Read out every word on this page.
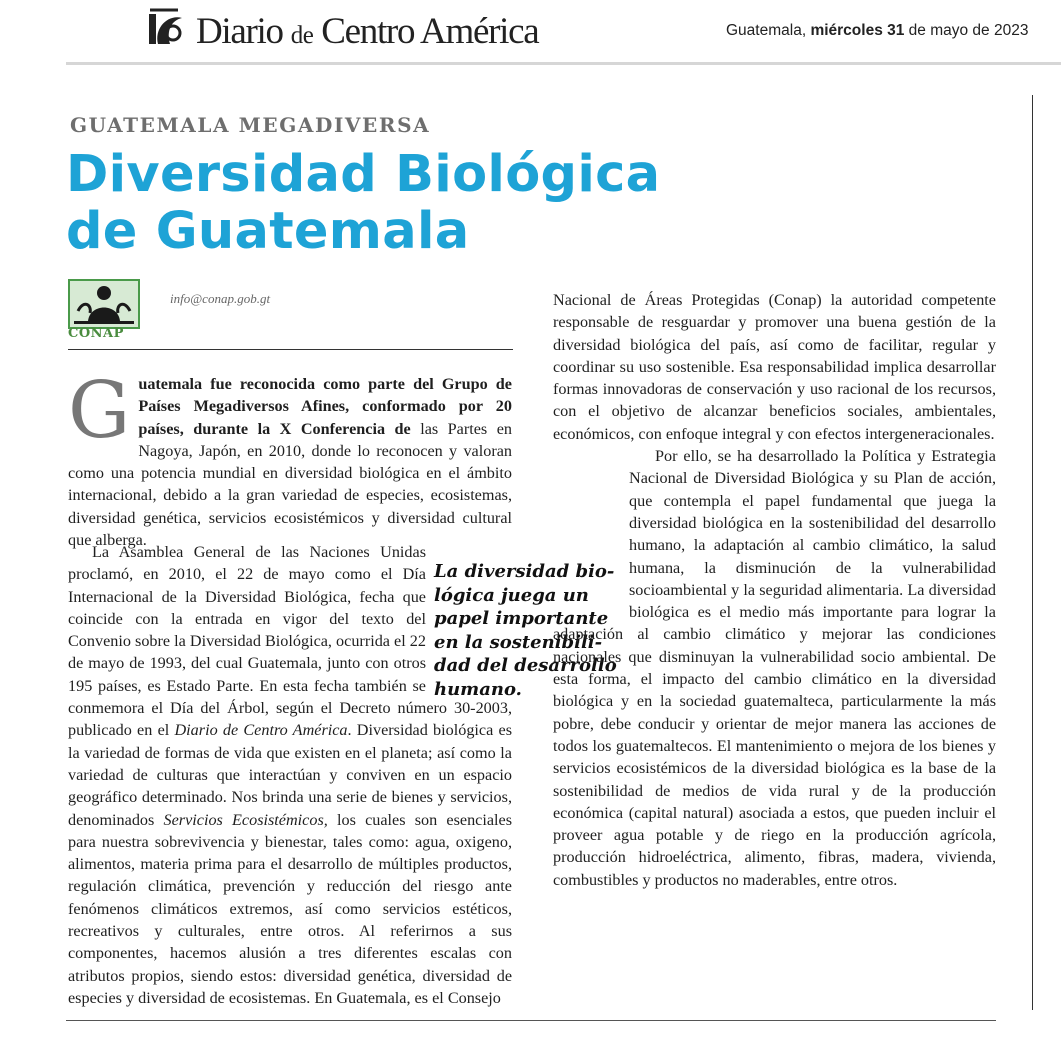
Diario de Centro América	Guatemala, miércoles 31 de mayo de 2023
GUATEMALA MEGADIVERSA
Diversidad Biológica
de Guatemala
CONAP
info@conap.gob.gt

Guatemala fue reconocida como parte del Grupo de Países Megadiversos Afines, conformado por 20 países, durante la X Conferencia de las Partes en Nagoya, Japón, en 2010, donde lo reconocen y valoran como una potencia mundial en diversidad biológica en el ámbito internacional, debido a la gran variedad de especies, ecosistemas, diversidad genética, servicios ecosistémicos y diversidad cultural que alberga.

La diversidad bio-
lógica juega un
papel importante
en la sostenibili-
dad del desarrollo
humano.

La Asamblea General de las Naciones Unidas proclamó, en 2010, el 22 de mayo como el Día Internacional de la Diversidad Biológica, fecha que coincide con la entrada en vigor del texto del Convenio sobre la Diversidad Biológica, ocurrida el 22 de mayo de 1993, del cual Guatemala, junto con otros 195 países, es Estado Parte. En esta fecha también se conmemora el Día del Árbol, según el Decreto número 30-2003, publicado en el Diario de Centro América. Diversidad biológica es la variedad de formas de vida que existen en el planeta; así como la variedad de culturas que interactúan y conviven en un espacio geográfico determinado. Nos brinda una serie de bienes y servicios, denominados Servicios Ecosistémicos, los cuales son esenciales para nuestra sobrevivencia y bienestar, tales como: agua, oxigeno, alimentos, materia prima para el desarrollo de múltiples productos, regulación climática, prevención y reducción del riesgo ante fenómenos climáticos extremos, así como servicios estéticos, recreativos y culturales, entre otros. Al referirnos a sus componentes, hacemos alusión a tres diferentes escalas con atributos propios, siendo estos: diversidad genética, diversidad de especies y diversidad de ecosistemas. En Guatemala, es el Consejo

Nacional de Áreas Protegidas (Conap) la autoridad competente responsable de resguardar y promover una buena gestión de la diversidad biológica del país, así como de facilitar, regular y coordinar su uso sostenible. Esa responsabilidad implica desarrollar formas innovadoras de conservación y uso racional de los recursos, con el objetivo de alcanzar beneficios sociales, ambientales, económicos, con enfoque integral y con efectos intergeneracionales.

Por ello, se ha desarrollado la Política y Estrategia Nacional de Diversidad Biológica y su Plan de acción, que contempla el papel fundamental que juega la diversidad biológica en la sostenibilidad del desarrollo humano, la adaptación al cambio climático, la salud humana, la disminución de la vulnerabilidad socioambiental y la seguridad alimentaria. La diversidad biológica es el medio más importante para lograr la adaptación al cambio climático y mejorar las condiciones nacionales que disminuyan la vulnerabilidad socio ambiental. De esta forma, el impacto del cambio climático en la diversidad biológica y en la sociedad guatemalteca, particularmente la más pobre, debe conducir y orientar de mejor manera las acciones de todos los guatemaltecos. El mantenimiento o mejora de los bienes y servicios ecosistémicos de la diversidad biológica es la base de la sostenibilidad de medios de vida rural y de la producción económica (capital natural) asociada a estos, que pueden incluir el proveer agua potable y de riego en la producción agrícola, producción hidroeléctrica, alimento, fibras, madera, vivienda, combustibles y productos no maderables, entre otros.
